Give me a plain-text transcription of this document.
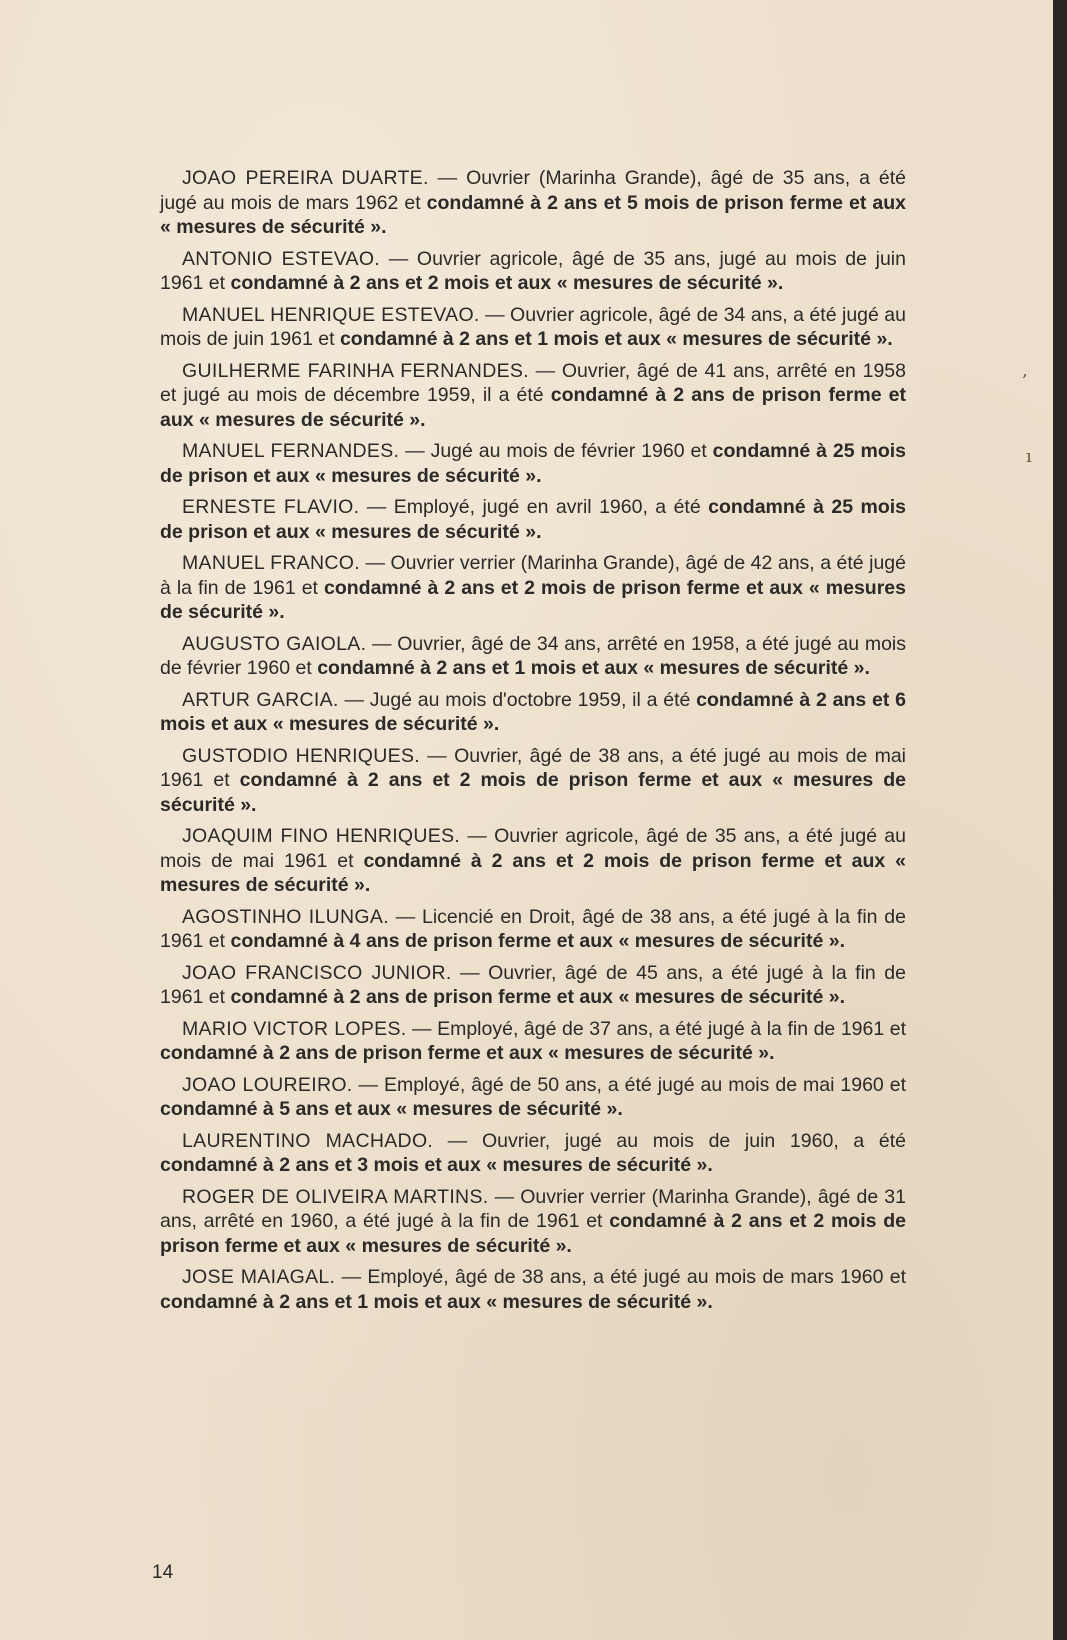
JOAO PEREIRA DUARTE. — Ouvrier (Marinha Grande), âgé de 35 ans, a été jugé au mois de mars 1962 et condamné à 2 ans et 5 mois de prison ferme et aux « mesures de sécurité ».

ANTONIO ESTEVAO. — Ouvrier agricole, âgé de 35 ans, jugé au mois de juin 1961 et condamné à 2 ans et 2 mois et aux « mesures de sécurité ».

MANUEL HENRIQUE ESTEVAO. — Ouvrier agricole, âgé de 34 ans, a été jugé au mois de juin 1961 et condamné à 2 ans et 1 mois et aux « mesures de sécurité ».

GUILHERME FARINHA FERNANDES. — Ouvrier, âgé de 41 ans, arrêté en 1958 et jugé au mois de décembre 1959, il a été condamné à 2 ans de prison ferme et aux « mesures de sécurité ».

MANUEL FERNANDES. — Jugé au mois de février 1960 et condamné à 25 mois de prison et aux « mesures de sécurité ».

ERNESTE FLAVIO. — Employé, jugé en avril 1960, a été condamné à 25 mois de prison et aux « mesures de sécurité ».

MANUEL FRANCO. — Ouvrier verrier (Marinha Grande), âgé de 42 ans, a été jugé à la fin de 1961 et condamné à 2 ans et 2 mois de prison ferme et aux « mesures de sécurité ».

AUGUSTO GAIOLA. — Ouvrier, âgé de 34 ans, arrêté en 1958, a été jugé au mois de février 1960 et condamné à 2 ans et 1 mois et aux « mesures de sécurité ».

ARTUR GARCIA. — Jugé au mois d'octobre 1959, il a été condamné à 2 ans et 6 mois et aux « mesures de sécurité ».

GUSTODIO HENRIQUES. — Ouvrier, âgé de 38 ans, a été jugé au mois de mai 1961 et condamné à 2 ans et 2 mois de prison ferme et aux « mesures de sécurité ».

JOAQUIM FINO HENRIQUES. — Ouvrier agricole, âgé de 35 ans, a été jugé au mois de mai 1961 et condamné à 2 ans et 2 mois de prison ferme et aux « mesures de sécurité ».

AGOSTINHO ILUNGA. — Licencié en Droit, âgé de 38 ans, a été jugé à la fin de 1961 et condamné à 4 ans de prison ferme et aux « mesures de sécurité ».

JOAO FRANCISCO JUNIOR. — Ouvrier, âgé de 45 ans, a été jugé à la fin de 1961 et condamné à 2 ans de prison ferme et aux « mesures de sécurité ».

MARIO VICTOR LOPES. — Employé, âgé de 37 ans, a été jugé à la fin de 1961 et condamné à 2 ans de prison ferme et aux « mesures de sécurité ».

JOAO LOUREIRO. — Employé, âgé de 50 ans, a été jugé au mois de mai 1960 et condamné à 5 ans et aux « mesures de sécurité ».

LAURENTINO MACHADO. — Ouvrier, jugé au mois de juin 1960, a été condamné à 2 ans et 3 mois et aux « mesures de sécurité ».

ROGER DE OLIVEIRA MARTINS. — Ouvrier verrier (Marinha Grande), âgé de 31 ans, arrêté en 1960, a été jugé à la fin de 1961 et condamné à 2 ans et 2 mois de prison ferme et aux « mesures de sécurité ».

JOSE MAIAGAL. — Employé, âgé de 38 ans, a été jugé au mois de mars 1960 et condamné à 2 ans et 1 mois et aux « mesures de sécurité ».

14
‚
ı
